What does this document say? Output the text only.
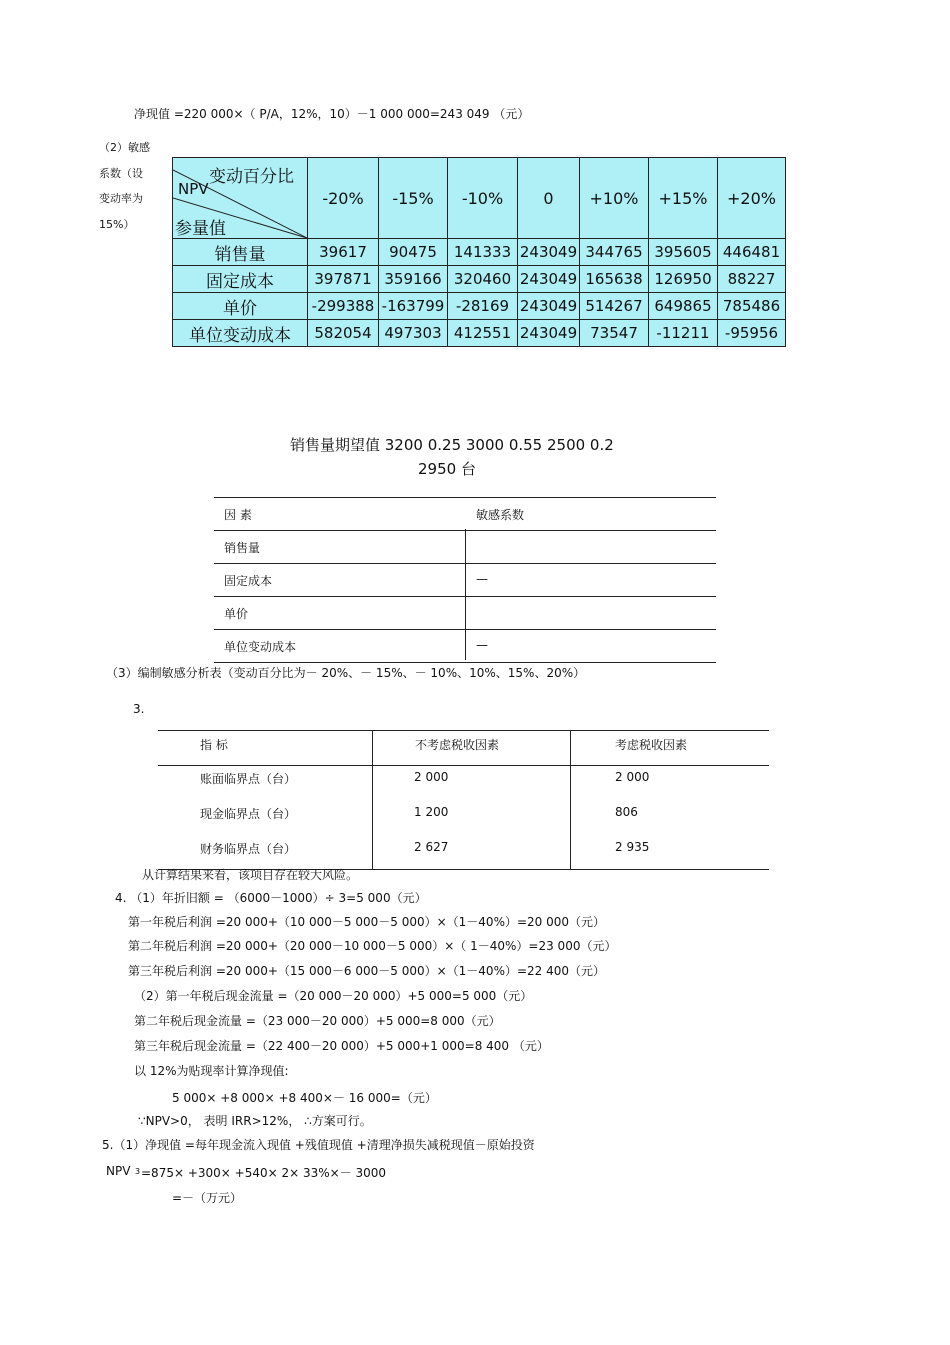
净现值 =220 000×（ P/A，12%，10）－1 000 000=243 049 （元）
（2）敏感
系数（设
变动率为
15%）
变动百分比
NPV
参量值	-20%	-15%	-10%	0	+10%	+15%	+20%
销售量	39617	90475	141333	243049	344765	395605	446481
固定成本	397871	359166	320460	243049	165638	126950	88227
单价	-299388	-163799	-28169	243049	514267	649865	785486
单位变动成本	582054	497303	412551	243049	73547	-11211	-95956
销售量期望值 3200 0.25 3000 0.55 2500 0.2
2950 台
因 素	敏感系数
销售量
固定成本	—
单价
单位变动成本	—
（3）编制敏感分析表（变动百分比为－ 20%、－ 15%、－ 10%、10%、15%、20%）
3.
指 标	不考虑税收因素	考虑税收因素
账面临界点（台）	2 000	2 000
现金临界点（台）	1 200	806
财务临界点（台）	2 627	2 935
从计算结果来看，该项目存在较大风险。
4. （1）年折旧额 = （6000－1000）÷ 3=5 000（元）
第一年税后利润 =20 000+（10 000－5 000－5 000）×（1－40%）=20 000（元）
第二年税后利润 =20 000+（20 000－10 000－5 000）×（ 1－40%）=23 000（元）
第三年税后利润 =20 000+（15 000－6 000－5 000）×（1－40%）=22 400（元）
（2）第一年税后现金流量 =（20 000－20 000）+5 000=5 000（元）
第二年税后现金流量 =（23 000－20 000）+5 000=8 000（元）
第三年税后现金流量 =（22 400－20 000）+5 000+1 000=8 400 （元）
以 12%为贴现率计算净现值:
5 000× +8 000× +8 400×－ 16 000=（元）
∵NPV>0， 表明 IRR>12%， ∴方案可行。
5.（1）净现值 =每年现金流入现值 +残值现值 +清理净损失减税现值－原始投资
NPV 3 =875× +300× +540× 2× 33%×－ 3000
=－（万元）
